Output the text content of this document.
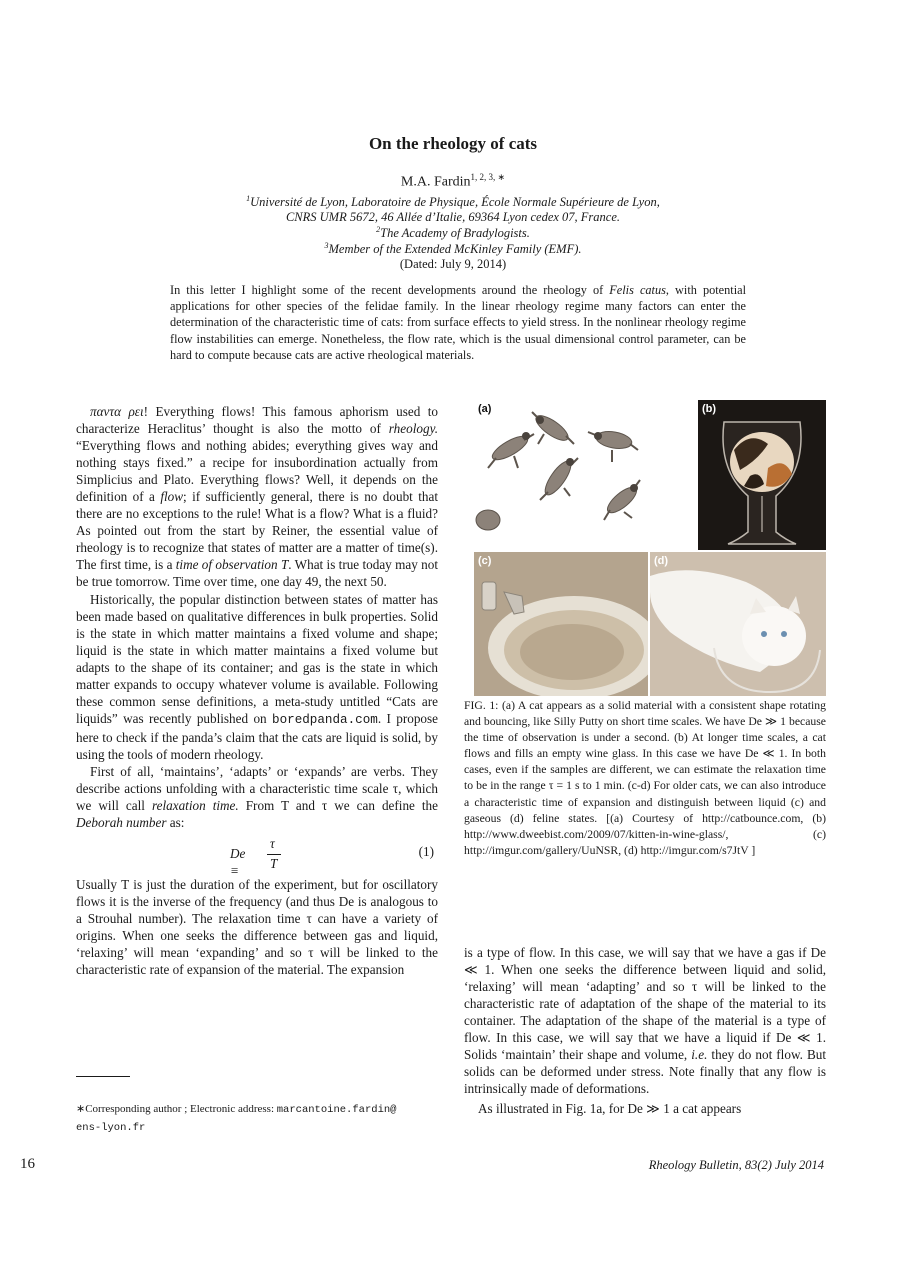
On the rheology of cats
M.A. Fardin$^{1, 2, 3, ∗}$
$^1$Université de Lyon, Laboratoire de Physique, École Normale Supérieure de Lyon,
CNRS UMR 5672, 46 Allée d’Italie, 69364 Lyon cedex 07, France.
$^2$The Academy of Bradylogists.
$^3$Member of the Extended McKinley Family (EMF).
(Dated: July 9, 2014)
In this letter I highlight some of the recent developments around the rheology of Felis catus, with potential applications for other species of the felidae family. In the linear rheology regime many factors can enter the determination of the characteristic time of cats: from surface effects to yield stress. In the nonlinear rheology regime flow instabilities can emerge. Nonetheless, the flow rate, which is the usual dimensional control parameter, can be hard to compute because cats are active rheological materials.

παντα ρει! Everything flows! This famous aphorism used to characterize Heraclitus’ thought is also the motto of rheology. “Everything flows and nothing abides; everything gives way and nothing stays fixed.” a recipe for insubordination actually from Simplicius and Plato. Everything flows? Well, it depends on the definition of a flow; if sufficiently general, there is no doubt that there are no exceptions to the rule! What is a flow? What is a fluid? As pointed out from the start by Reiner, the essential value of rheology is to recognize that states of matter are a matter of time(s). The first time, is a time of observation T. What is true today may not be true tomorrow. Time over time, one day 49, the next 50.

Historically, the popular distinction between states of matter has been made based on qualitative differences in bulk properties. Solid is the state in which matter maintains a fixed volume and shape; liquid is the state in which matter maintains a fixed volume but adapts to the shape of its container; and gas is the state in which matter expands to occupy whatever volume is available. Following these common sense definitions, a meta-study untitled “Cats are liquids” was recently published on boredpanda.com. I propose here to check if the panda’s claim that the cats are liquid is solid, by using the tools of modern rheology.

First of all, ‘maintains’, ‘adapts’ or ‘expands’ are verbs. They describe actions unfolding with a characteristic time scale τ, which we will call relaxation time. From T and τ we can define the Deborah number as:

De ≡
τ
T
(1)

Usually T is just the duration of the experiment, but for oscillatory flows it is the inverse of the frequency (and thus De is analogous to a Strouhal number). The relaxation time τ can have a variety of origins. When one seeks the difference between gas and liquid, ‘relaxing’ will mean ‘expanding’ and so τ will be linked to the characteristic rate of expansion of the material. The expansion

(a)	(b)
(c)	(d)
FIG. 1: (a) A cat appears as a solid material with a consistent shape rotating and bouncing, like Silly Putty on short time scales. We have De ≫ 1 because the time of observation is under a second. (b) At longer time scales, a cat flows and fills an empty wine glass. In this case we have De ≪ 1. In both cases, even if the samples are different, we can estimate the relaxation time to be in the range τ = 1 s to 1 min. (c-d) For older cats, we can also introduce a characteristic time of expansion and distinguish between liquid (c) and gaseous (d) feline states. [(a) Courtesy of http://catbounce.com, (b) http://www.dweebist.com/2009/07/kitten-in-wine-glass/, (c) http://imgur.com/gallery/UuNSR, (d) http://imgur.com/s7JtV ]

is a type of flow. In this case, we will say that we have a gas if De ≪ 1. When one seeks the difference between liquid and solid, ‘relaxing’ will mean ‘adapting’ and so τ will be linked to the characteristic rate of adaptation of the shape of the material to its container. The adaptation of the shape of the material is a type of flow. In this case, we will say that we have a liquid if De ≪ 1. Solids ‘maintain’ their shape and volume, i.e. they do not flow. But solids can be deformed under stress. Note finally that any flow is intrinsically made of deformations.

As illustrated in Fig. 1a, for De ≫ 1 a cat appears

∗Corresponding author ; Electronic address: marcantoine.fardin@
ens-lyon.fr
16	Rheology Bulletin, 83(2) July 2014
